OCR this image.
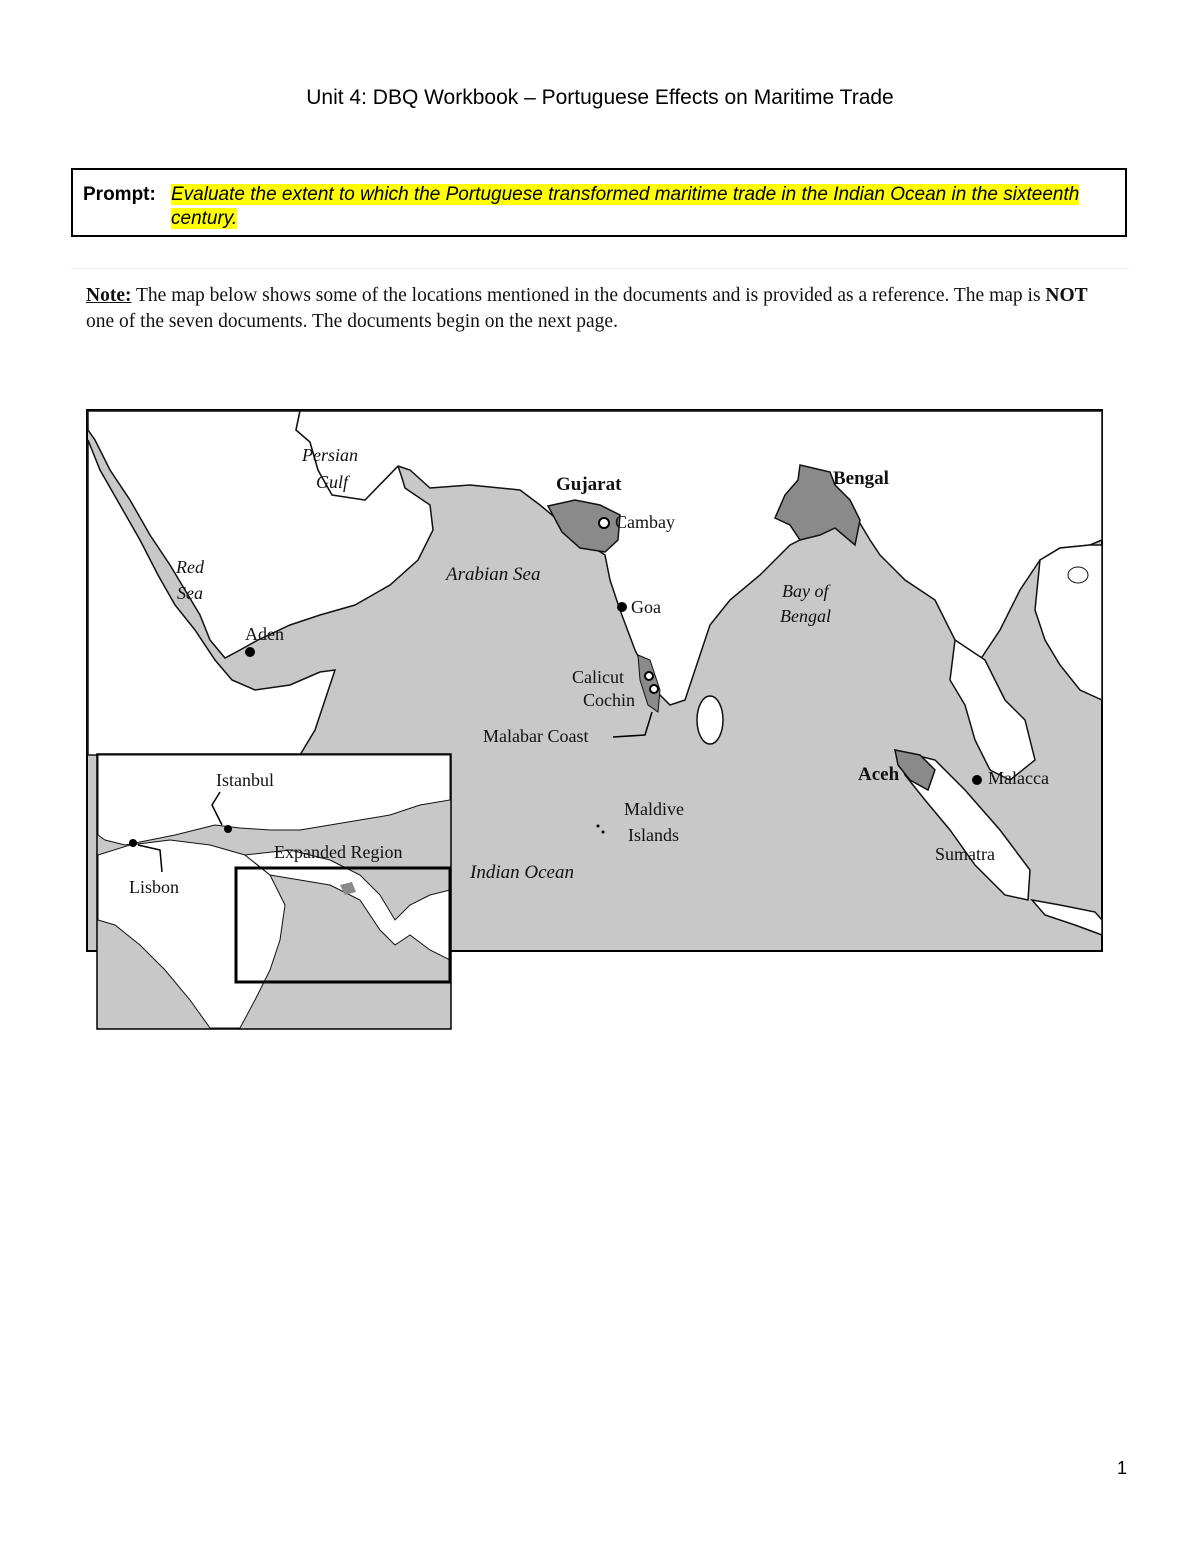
Unit 4: DBQ Workbook – Portuguese Effects on Maritime Trade
Prompt: Evaluate the extent to which the Portuguese transformed maritime trade in the Indian Ocean in the sixteenth century.
Note: The map below shows some of the locations mentioned in the documents and is provided as a reference. The map is NOT one of the seven documents. The documents begin on the next page.
Persian
Gulf	Gujarat	Bengal
Cambay
Red
Sea
Arabian Sea
Goa
Bay of
Bengal
Aden
Calicut
Cochin
Malabar Coast
Aceh	Malacca
Maldive
Islands
Indian Ocean
Sumatra
Istanbul
Expanded Region
Lisbon
1
